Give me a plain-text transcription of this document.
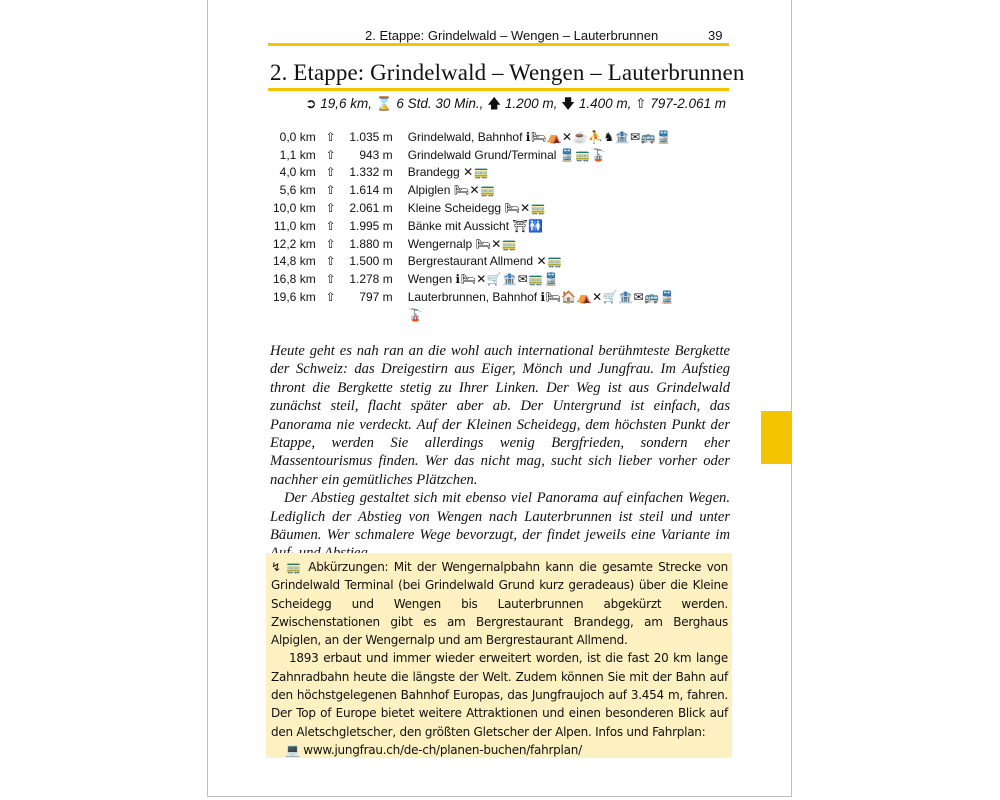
2. Etappe: Grindelwald – Wengen – Lauterbrunnen	39
2. Etappe: Grindelwald – Wengen – Lauterbrunnen
➲ 19,6 km, ⌛ 6 Std. 30 Min., 🡅 1.200 m, 🡇 1.400 m, ⇧ 797-2.061 m
0,0 km	⇧	1.035 m	Grindelwald, Bahnhof ℹ🛏⛺✕☕⛹♞🏦✉🚌🚆
1,1 km	⇧	943 m	Grindelwald Grund/Terminal 🚆🚃🚡
4,0 km	⇧	1.332 m	Brandegg ✕🚃
5,6 km	⇧	1.614 m	Alpiglen 🛏✕🚃
10,0 km	⇧	2.061 m	Kleine Scheidegg 🛏✕🚃
11,0 km	⇧	1.995 m	Bänke mit Aussicht ⛩🚻
12,2 km	⇧	1.880 m	Wengernalp 🛏✕🚃
14,8 km	⇧	1.500 m	Bergrestaurant Allmend ✕🚃
16,8 km	⇧	1.278 m	Wengen ℹ🛏✕🛒🏦✉🚃🚆
19,6 km	⇧	797 m	Lauterbrunnen, Bahnhof ℹ🛏🏠⛺✕🛒🏦✉🚌🚆
			🚡

Heute geht es nah ran an die wohl auch international berühmteste Bergkette der Schweiz: das Dreigestirn aus Eiger, Mönch und Jungfrau. Im Aufstieg thront die Bergkette stetig zu Ihrer Linken. Der Weg ist aus Grindelwald zunächst steil, flacht später aber ab. Der Untergrund ist einfach, das Panorama nie verdeckt. Auf der Kleinen Scheidegg, dem höchsten Punkt der Etappe, werden Sie allerdings wenig Bergfrieden, sondern eher Massentourismus finden. Wer das nicht mag, sucht sich lieber vorher oder nachher ein gemütliches Plätzchen.

Der Abstieg gestaltet sich mit ebenso viel Panorama auf einfachen Wegen. Lediglich der Abstieg von Wengen nach Lauterbrunnen ist steil und unter Bäumen. Wer schmalere Wege bevorzugt, der findet jeweils eine Variante im

↯ 🚃 Abkürzungen: Mit der Wengernalpbahn kann die gesamte Strecke von Grindelwald Terminal (bei Grindelwald Grund kurz geradeaus) über die Kleine Scheidegg und Wengen bis Lauterbrunnen abgekürzt werden. Zwischenstationen gibt es am Bergrestaurant Brandegg, am Berghaus Alpiglen, an der Wengernalp und am Bergrestaurant Allmend.

1893 erbaut und immer wieder erweitert worden, ist die fast 20 km lange Zahnradbahn heute die längste der Welt. Zudem können Sie mit der Bahn auf den höchstgelegenen Bahnhof Europas, das Jungfraujoch auf 3.454 m, fahren. Der Top of Europe bietet weitere Attraktionen und einen besonderen Blick auf den Aletschgletscher, den größten Gletscher der Alpen. Infos und Fahrplan:

💻 www.jungfrau.ch/de-ch/planen-buchen/fahrplan/
